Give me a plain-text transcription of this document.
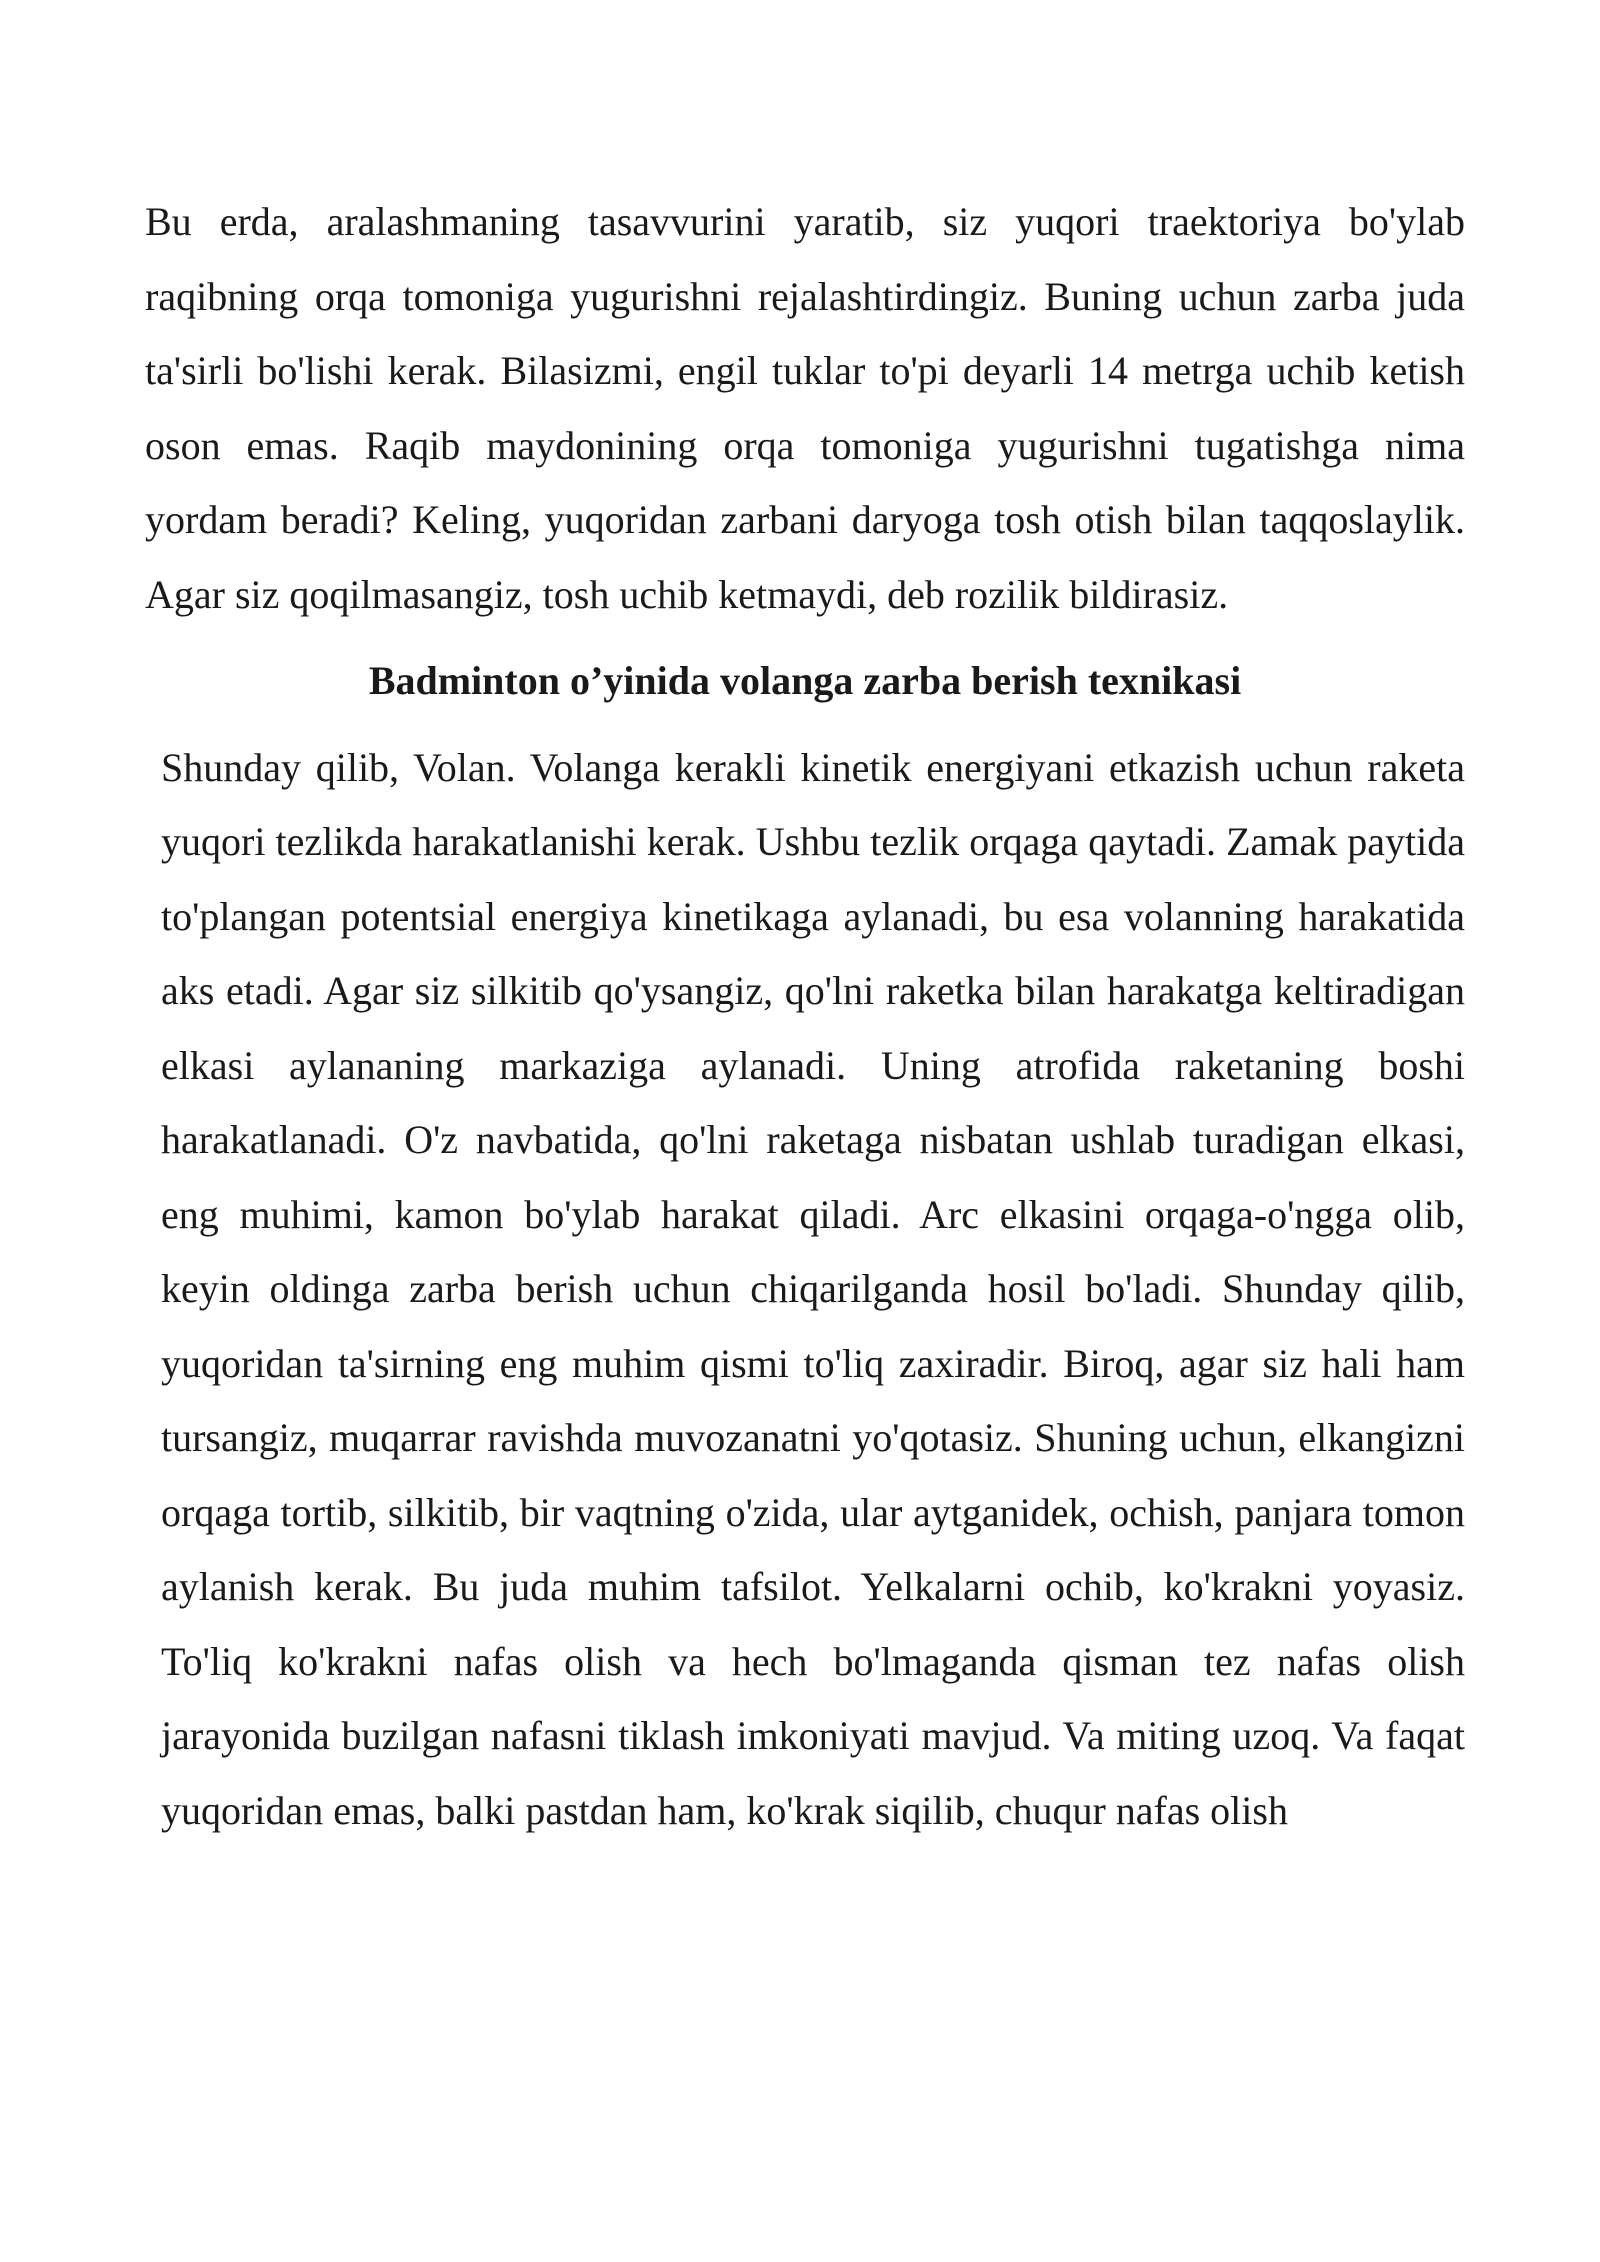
Bu erda, aralashmaning tasavvurini yaratib, siz yuqori traektoriya bo'ylab raqibning orqa tomoniga yugurishni rejalashtirdingiz. Buning uchun zarba juda ta'sirli bo'lishi kerak. Bilasizmi, engil tuklar to'pi deyarli 14 metrga uchib ketish oson emas. Raqib maydonining orqa tomoniga yugurishni tugatishga nima yordam beradi? Keling, yuqoridan zarbani daryoga tosh otish bilan taqqoslaylik. Agar siz qoqilmasangiz, tosh uchib ketmaydi, deb rozilik bildirasiz.

Badminton o’yinida volanga zarba berish texnikasi

Shunday qilib, Volan. Volanga kerakli kinetik energiyani etkazish uchun raketa yuqori tezlikda harakatlanishi kerak. Ushbu tezlik orqaga qaytadi. Zamak paytida to'plangan potentsial energiya kinetikaga aylanadi, bu esa volanning harakatida aks etadi. Agar siz silkitib qo'ysangiz, qo'lni raketka bilan harakatga keltiradigan elkasi aylananing markaziga aylanadi. Uning atrofida raketaning boshi harakatlanadi. O'z navbatida, qo'lni raketaga nisbatan ushlab turadigan elkasi, eng muhimi, kamon bo'ylab harakat qiladi. Arc elkasini orqaga-o'ngga olib, keyin oldinga zarba berish uchun chiqarilganda hosil bo'ladi. Shunday qilib, yuqoridan ta'sirning eng muhim qismi to'liq zaxiradir. Biroq, agar siz hali ham tursangiz, muqarrar ravishda muvozanatni yo'qotasiz. Shuning uchun, elkangizni orqaga tortib, silkitib, bir vaqtning o'zida, ular aytganidek, ochish, panjara tomon aylanish kerak. Bu juda muhim tafsilot. Yelkalarni ochib, ko'krakni yoyasiz. To'liq ko'krakni nafas olish va hech bo'lmaganda qisman tez nafas olish jarayonida buzilgan nafasni tiklash imkoniyati mavjud. Va miting uzoq. Va faqat yuqoridan emas, balki pastdan ham, ko'krak siqilib, chuqur nafas olish
